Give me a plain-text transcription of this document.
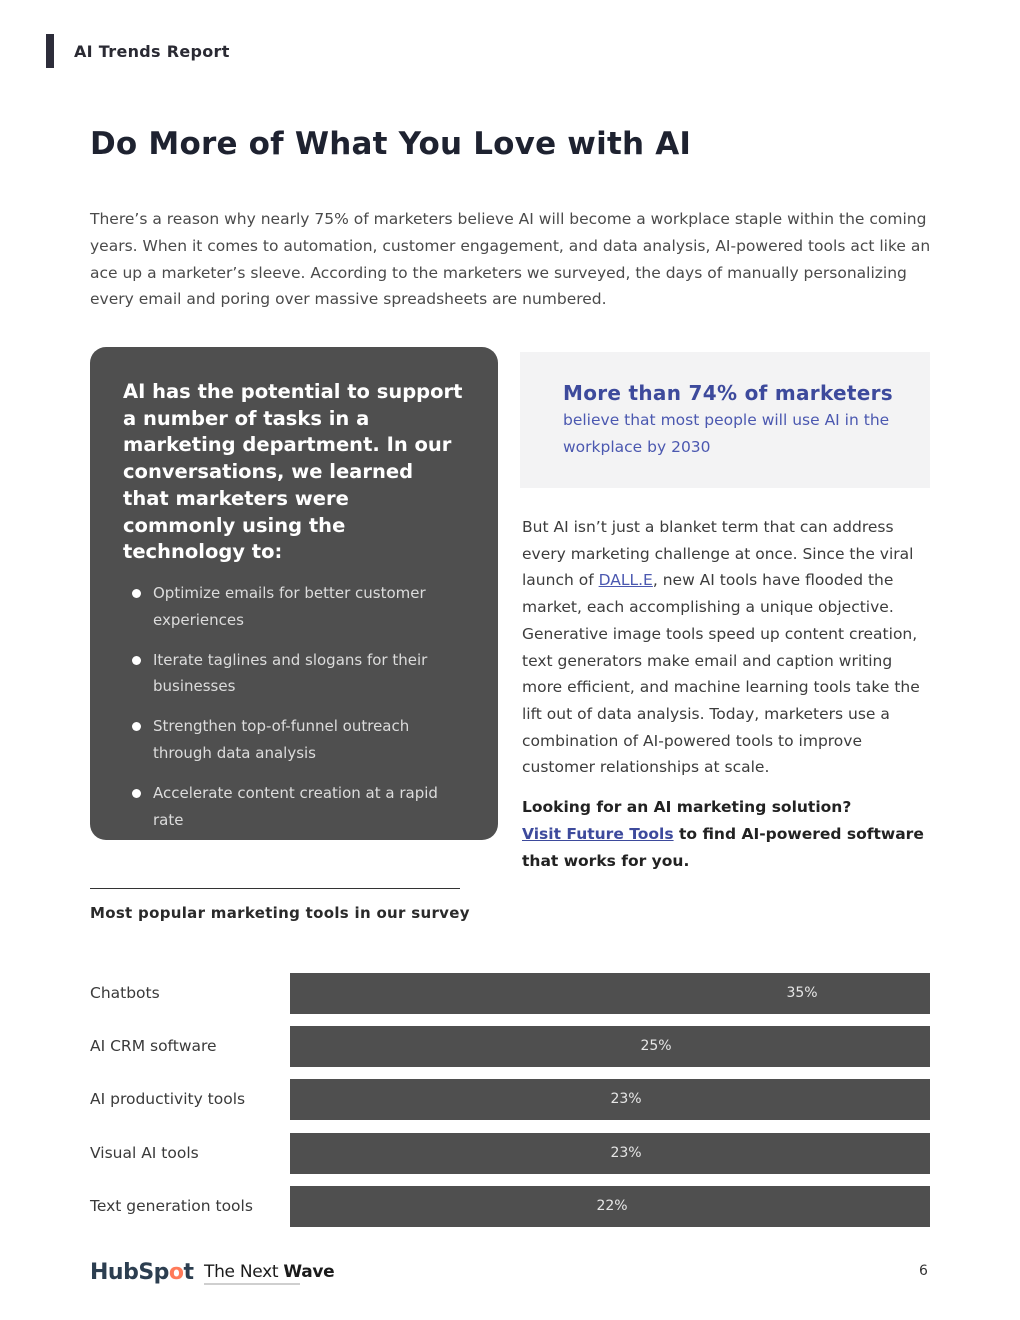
AI Trends Report
Do More of What You Love with AI

There’s a reason why nearly 75% of marketers believe AI will become a workplace staple within the coming years. When it comes to automation, customer engagement, and data analysis, AI-powered tools act like an ace up a marketer’s sleeve. According to the marketers we surveyed, the days of manually personalizing every email and poring over massive spreadsheets are numbered.

AI has the potential to support a number of tasks in a marketing department. In our conversations, we learned that marketers were commonly using the technology to:
Optimize emails for better customer experiences
Iterate taglines and slogans for their businesses
Strengthen top-of-funnel outreach through data analysis
Accelerate content creation at a rapid rate
More than 74% of marketers
believe that most people will use AI in the workplace by 2030

But AI isn’t just a blanket term that can address every marketing challenge at once. Since the viral launch of DALL.E, new AI tools have flooded the market, each accomplishing a unique objective. Generative image tools speed up content creation, text generators make email and caption writing more efficient, and machine learning tools take the lift out of data analysis. Today, marketers use a combination of AI-powered tools to improve customer relationships at scale.

Looking for an AI marketing solution?
Visit Future Tools to find AI-powered software that works for you.

Most popular marketing tools in our survey
Chatbots	35%
AI CRM software	25%
AI productivity tools	23%
Visual AI tools	23%
Text generation tools	22%
HubSpot The Next Wave	6
